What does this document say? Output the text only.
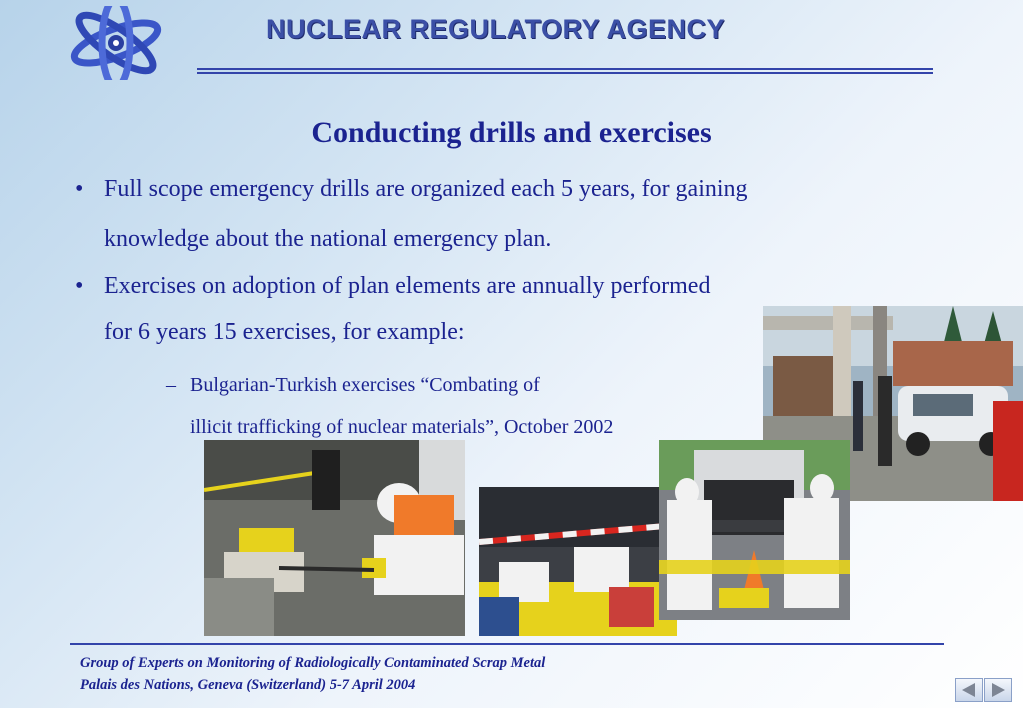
NUCLEAR REGULATORY AGENCY
Conducting drills and exercises
• Full scope emergency drills are organized each 5 years, for gaining
knowledge about the national emergency plan.
• Exercises on adoption of plan elements are annually performed
for 6 years 15 exercises, for example:
– Bulgarian-Turkish exercises “Combating of
illicit trafficking of nuclear materials”, October 2002
Group of Experts on Monitoring of Radiologically Contaminated Scrap Metal
Palais des Nations, Geneva (Switzerland) 5-7 April 2004
